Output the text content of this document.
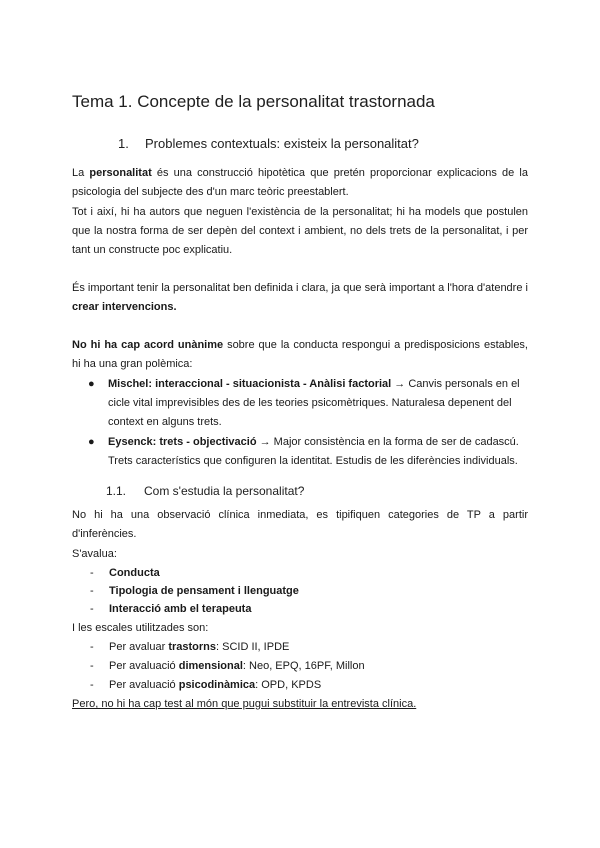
Tema 1. Concepte de la personalitat trastornada
1. Problemes contextuals: existeix la personalitat?
La personalitat és una construcció hipotètica que pretén proporcionar explicacions de la psicologia del subjecte des d'un marc teòric preestablert.
Tot i així, hi ha autors que neguen l'existència de la personalitat; hi ha models que postulen que la nostra forma de ser depèn del context i ambient, no dels trets de la personalitat, i per tant un constructe poc explicatiu.
És important tenir la personalitat ben definida i clara, ja que serà important a l'hora d'atendre i crear intervencions.
No hi ha cap acord unànime sobre que la conducta respongui a predisposicions estables, hi ha una gran polèmica:
● Mischel: interaccional - situacionista - Anàlisi factorial → Canvis personals en el cicle vital imprevisibles des de les teories psicomètriques. Naturalesa depenent del context en alguns trets.
● Eysenck: trets - objectivació → Major consistència en la forma de ser de cadascú. Trets característics que configuren la identitat. Estudis de les diferències individuals.
1.1. Com s'estudia la personalitat?
No hi ha una observació clínica inmediata, es tipifiquen categories de TP a partir d'inferències.
S'avalua:
- Conducta
- Tipologia de pensament i llenguatge
- Interacció amb el terapeuta
I les escales utilitzades son:
- Per avaluar trastorns: SCID II, IPDE
- Per avaluació dimensional: Neo, EPQ, 16PF, Millon
- Per avaluació psicodinàmica: OPD, KPDS
Pero, no hi ha cap test al món que pugui substituir la entrevista clínica.
